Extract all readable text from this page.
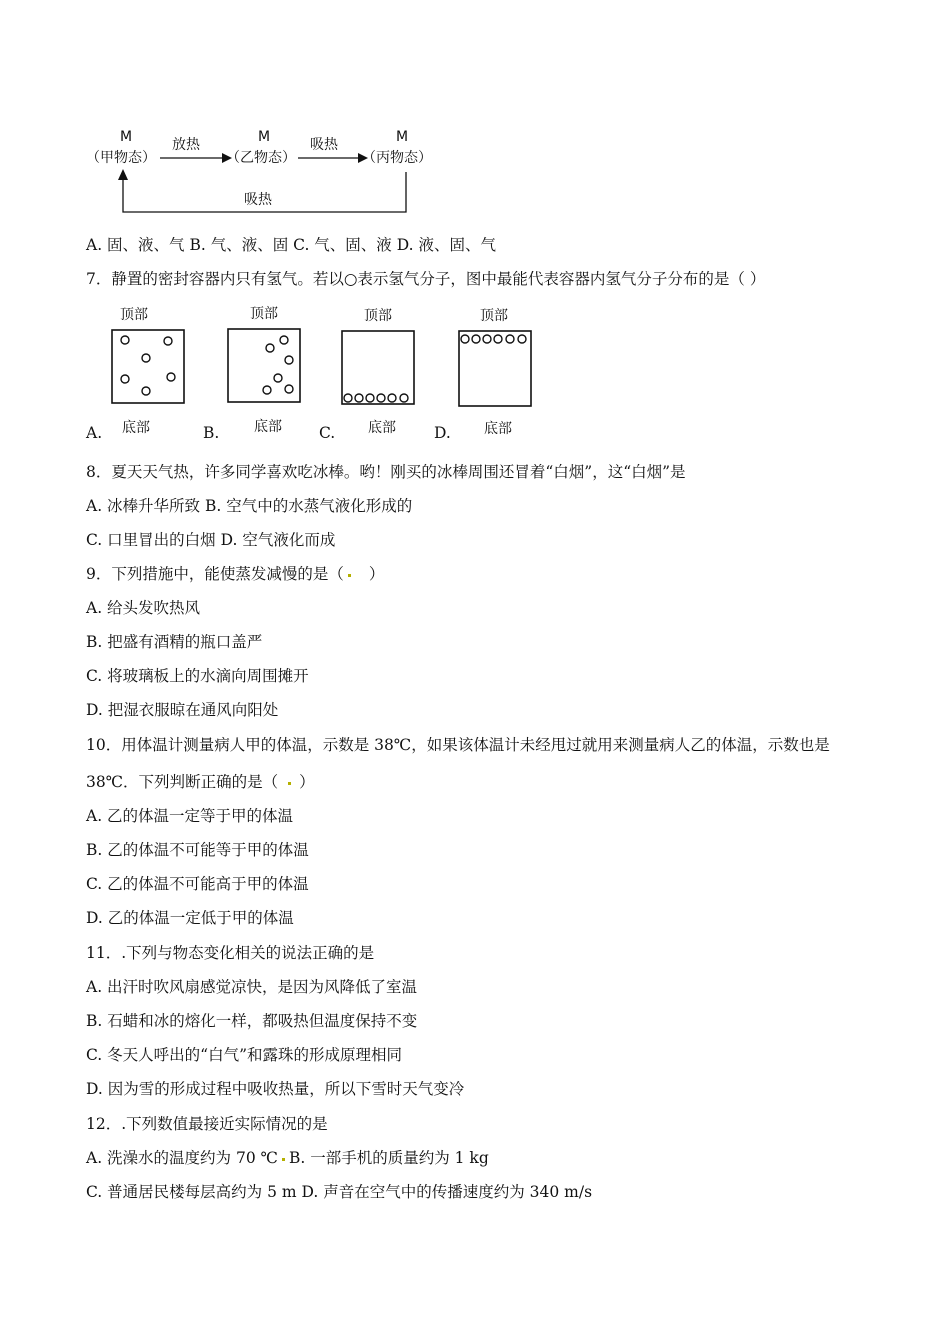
M	M	M
（甲物态）	（乙物态）	（丙物态）
放热	吸热
吸热
A. 固、液、气 B. 气、液、固 C. 气、固、液 D. 液、固、气
7．静置的密封容器内只有氢气。若以○表示氢气分子，图中最能代表容器内氢气分子分布的是（ ）
顶部	顶部	顶部	顶部
底部	底部	底部	底部
A.	B.	C.	D.
8．夏天天气热，许多同学喜欢吃冰棒。哟！刚买的冰棒周围还冒着“白烟”，这“白烟”是
A. 冰棒升华所致 B. 空气中的水蒸气液化形成的
C. 口里冒出的白烟 D. 空气液化而成
9．下列措施中，能使蒸发减慢的是（ ）
A. 给头发吹热风
B. 把盛有酒精的瓶口盖严
C. 将玻璃板上的水滴向周围摊开
D. 把湿衣服晾在通风向阳处
10．用体温计测量病人甲的体温，示数是 38℃，如果该体温计未经甩过就用来测量病人乙的体温，示数也是
38℃．下列判断正确的是（ ）
A. 乙的体温一定等于甲的体温
B. 乙的体温不可能等于甲的体温
C. 乙的体温不可能高于甲的体温
D. 乙的体温一定低于甲的体温
11．.下列与物态变化相关的说法正确的是
A. 出汗时吹风扇感觉凉快，是因为风降低了室温
B. 石蜡和冰的熔化一样，都吸热但温度保持不变
C. 冬天人呼出的“白气”和露珠的形成原理相同
D. 因为雪的形成过程中吸收热量，所以下雪时天气变冷
12．.下列数值最接近实际情况的是
A. 洗澡水的温度约为 70 ℃ B. 一部手机的质量约为 1 kg
C. 普通居民楼每层高约为 5 m D. 声音在空气中的传播速度约为 340 m/s
